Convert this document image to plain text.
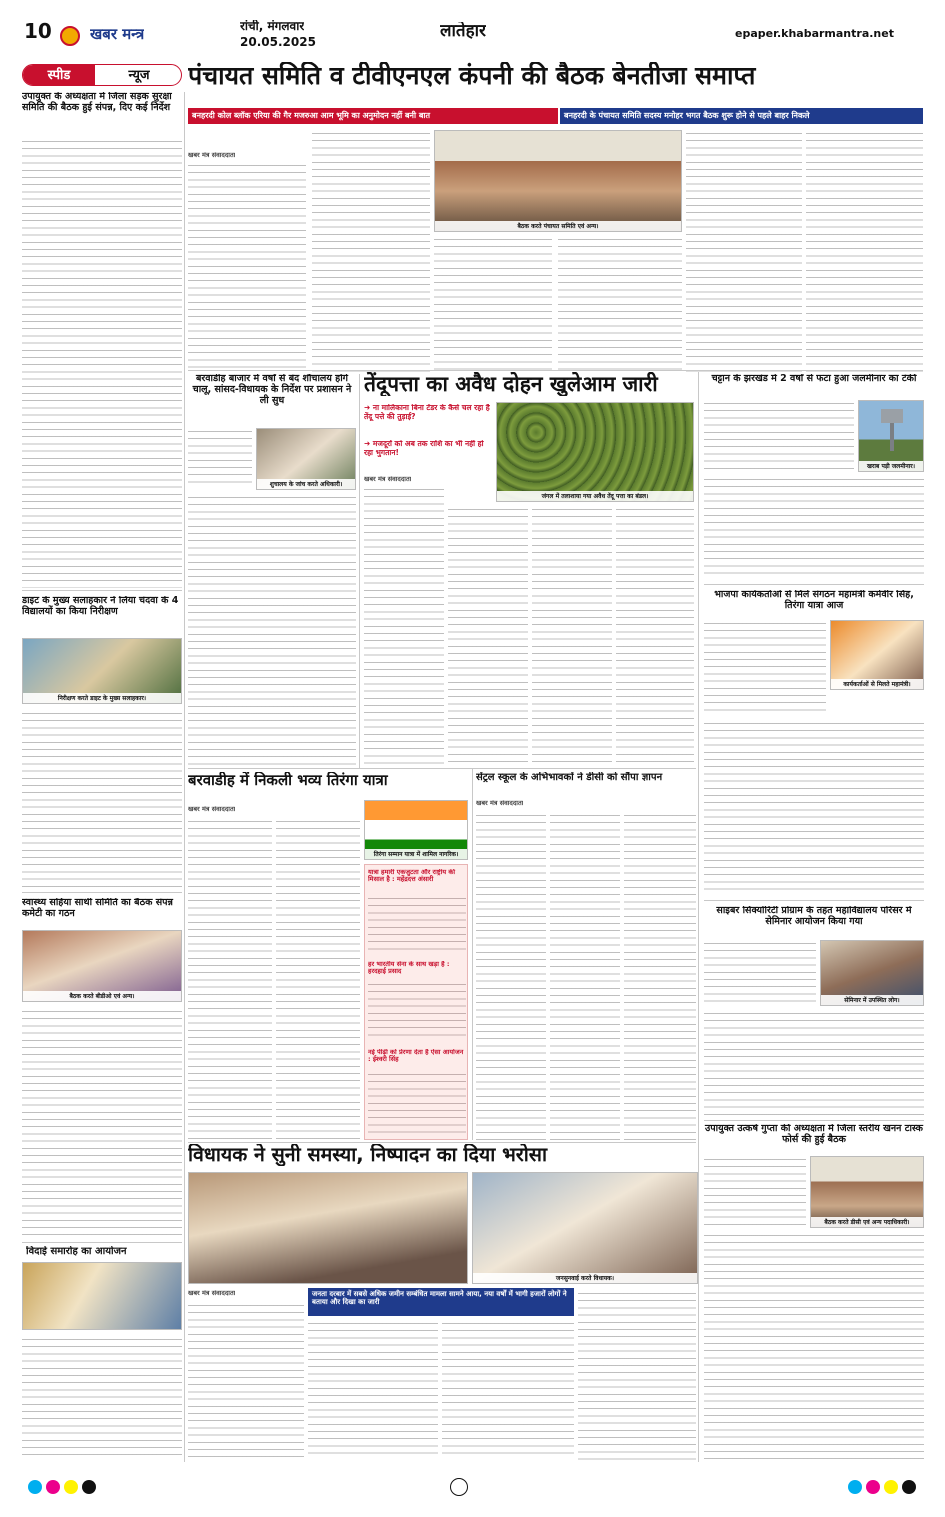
10	खबर मन्त्र	रांची, मंगलवार
20.05.2025
लातेहार	epaper.khabarmantra.net
स्पीड	न्यूज	पंचायत समिति व टीवीएनएल कंपनी की बैठक बेनतीजा समाप्त
बनहरदी कोल ब्लॉक एरिया की गैर मजरुआ आम भूमि का अनुमोदन नहीं बनी बात	बनहरदी के पंचायत समिति सदस्य मनोहर भगत बैठक शुरू होने से पहले बाहर निकले
उपायुक्त के अध्यक्षता में जिला सड़क सुरक्षा समिति की बैठक हुई संपन्न, दिए कई निर्देश
डाइट के मुख्य सलाहकार ने लिया चंदवा के 4 विद्यालयों का किया निरीक्षण
निरीक्षण करते डाइट के मुख्य सलाहकार।
स्वास्थ्य सहिया साथी समिति का बैठक संपन्न कमेटी का गठन
बैठक करते बीडीओ एवं अन्य।
विदाई समारोह का आयोजन
खबर मंत्र संवाददाता
बैठक करते पंचायत समिति एवं अन्य।
बरवाडीह बाजार में वर्षों से बंद शौचालय होंगे चालू, सांसद-विधायक के निर्देश पर प्रशासन ने ली सुध
शुचालय के जांच करते अधिकारी।
तेंदूपत्ता का अवैध दोहन खुलेआम जारी
➜ ना मालिकाना बिना टेंडर के कैसे चल रहा है तेंदू पत्ते की तुड़ाई?
➜ मजदूरों को अब तक राशि का भी नहीं हो रहा भुगतान!
खबर मंत्र संवाददाता
जंगल में तलाशाया गया अवैध तेंदू पत्ता का बंडल।
चट्टान के झरखंड में 2 वर्षों से फटा हुआ जलमीनार का टंकी
खराब पड़ी जलमीनार।
भाजपा कार्यकर्ताओं से मिले संगठन महामंत्री कर्मवीर सिंह, तिरंगा यात्रा आज
कार्यकर्ताओं से मिलते महामंत्री।
साइबर सिक्योरिटी प्रोग्राम के तहत महाविद्यालय परिसर में सेमिनार आयोजन किया गया
सेमिनार में उपस्थित लोग।
उपायुक्त उत्कर्ष गुप्ता की अध्यक्षता में जिला स्तरीय खनन टास्क फोर्स की हुई बैठक
बैठक करते डीसी एवं अन्य पदाधिकारी।
बरवाडीह में निकली भव्य तिरंगा यात्रा
खबर मंत्र संवाददाता
तिरंगा सम्मान यात्रा में शामिल नागरिक।
यात्रा हमारी एकजुटता और राष्ट्रीय की मिसाल है : महेंद्रदत्त अंसारी
हर भारतीय सेना के साथ खड़ा है : हरदहाई प्रसाद
नई पीढ़ी को प्रेरणा देता है ऐसा आयोजन : ईश्वरी सिंह
सेंट्रल स्कूल के अभिभावकों ने डीसी को सौंपा ज्ञापन
खबर मंत्र संवाददाता
विधायक ने सुनी समस्या, निष्पादन का दिया भरोसा
जनसुनवाई करते विधायक।
खबर मंत्र संवाददाता	जनता दरबार में सबसे अधिक जमीन सम्बंधित मामला सामने आया, नया वर्षों में भागी हजारों लोगों ने बताया और दिखा का जारी
